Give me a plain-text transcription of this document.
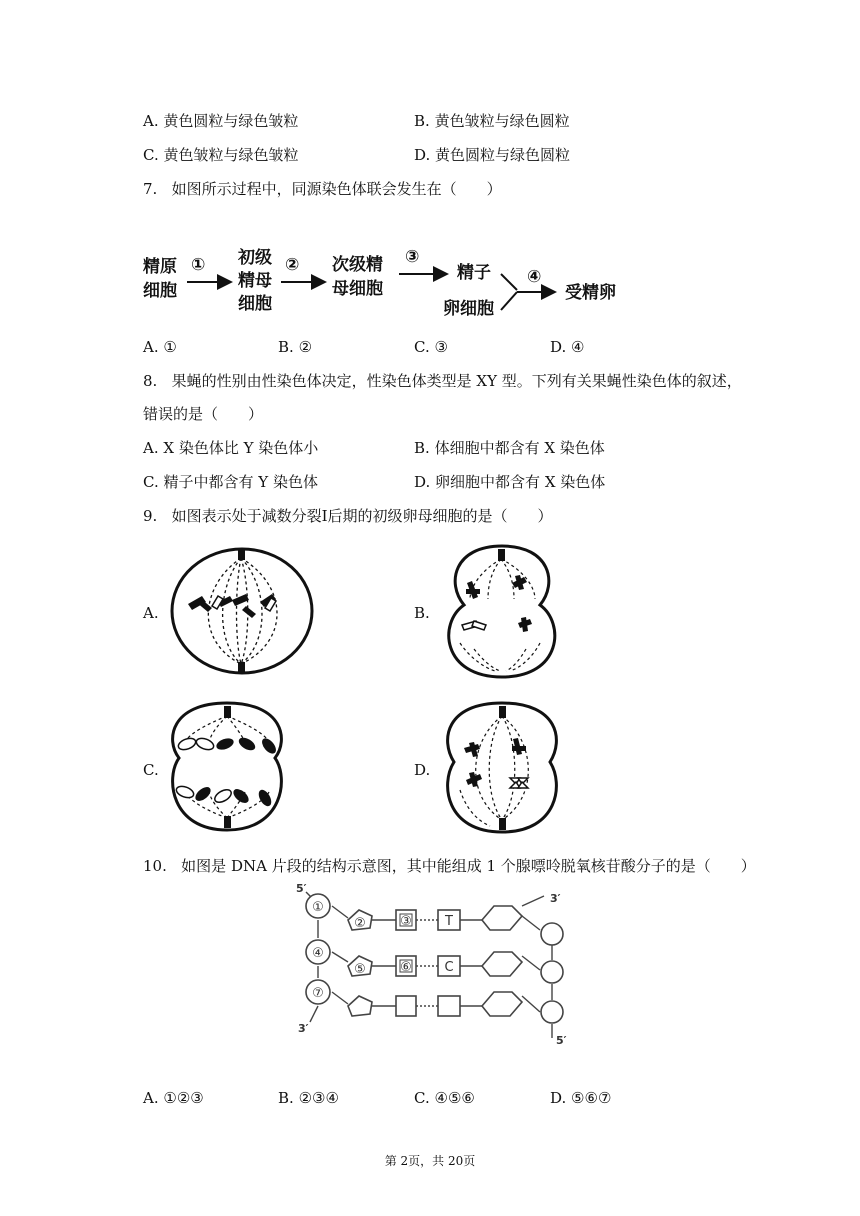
A. 黄色圆粒与绿色皱粒	B. 黄色皱粒与绿色圆粒
C. 黄色皱粒与绿色皱粒	D. 黄色圆粒与绿色圆粒
7. 如图所示过程中，同源染色体联会发生在（　　）
精原
细胞
① 初级
精母
细胞
② 次级精
母细胞
③
精子
卵细胞
④
受精卵
A. ①	B. ②	C. ③	D. ④
8. 果蝇的性别由性染色体决定，性染色体类型是 XY 型。下列有关果蝇性染色体的叙述，
错误的是（　　）
A. X 染色体比 Y 染色体小	B. 体细胞中都含有 X 染色体
C. 精子中都含有 Y 染色体	D. 卵细胞中都含有 X 染色体
9. 如图表示处于减数分裂Ⅰ后期的初级卵母细胞的是（　　）
A.	B.
C.	D.
10. 如图是 DNA 片段的结构示意图，其中能组成 1 个腺嘌呤脱氧核苷酸分子的是（　　）
5′
3′
3′
5′
①
②	③
④
⑤	⑥
⑦
T
C
A. ①②③	B. ②③④	C. ④⑤⑥	D. ⑤⑥⑦
第 2页，共 20页
